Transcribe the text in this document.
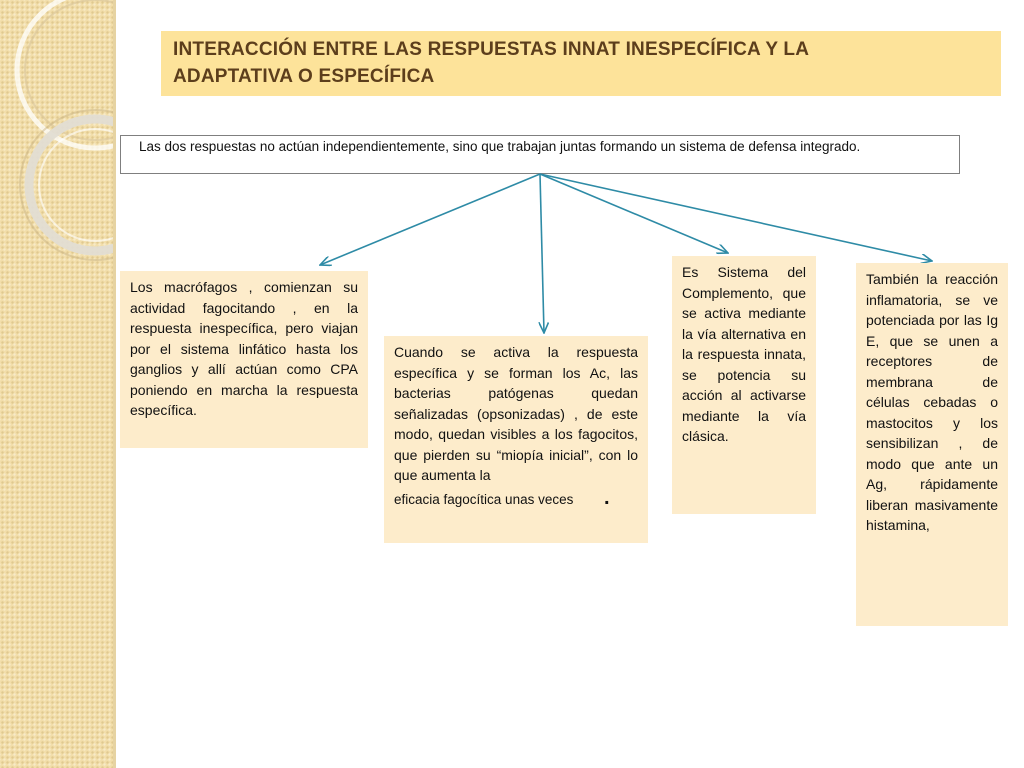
INTERACCIÓN ENTRE LAS RESPUESTAS INNAT INESPECÍFICA Y LA
ADAPTATIVA O ESPECÍFICA
Las dos respuestas no actúan independientemente, sino que trabajan juntas formando un sistema de defensa integrado.
Los macrófagos , comienzan su actividad fagocitando , en la respuesta inespecífica, pero viajan por el sistema linfático hasta los ganglios y allí actúan como CPA poniendo en marcha la respuesta específica.
Cuando se activa la respuesta específica y se forman los Ac, las bacterias patógenas quedan señalizadas (opsonizadas) , de este modo, quedan visibles a los fagocitos, que pierden su “miopía inicial”, con lo que aumenta la
eficacia fagocítica unas veces	.
Es Sistema del Complemento, que se activa mediante la vía alternativa en la respuesta innata, se potencia su acción al activarse mediante la vía clásica.
También la reacción inflamatoria, se ve potenciada por las Ig E, que se unen a receptores de membrana de células cebadas o mastocitos y los sensibilizan , de modo que ante un Ag, rápidamente liberan masivamente histamina,
